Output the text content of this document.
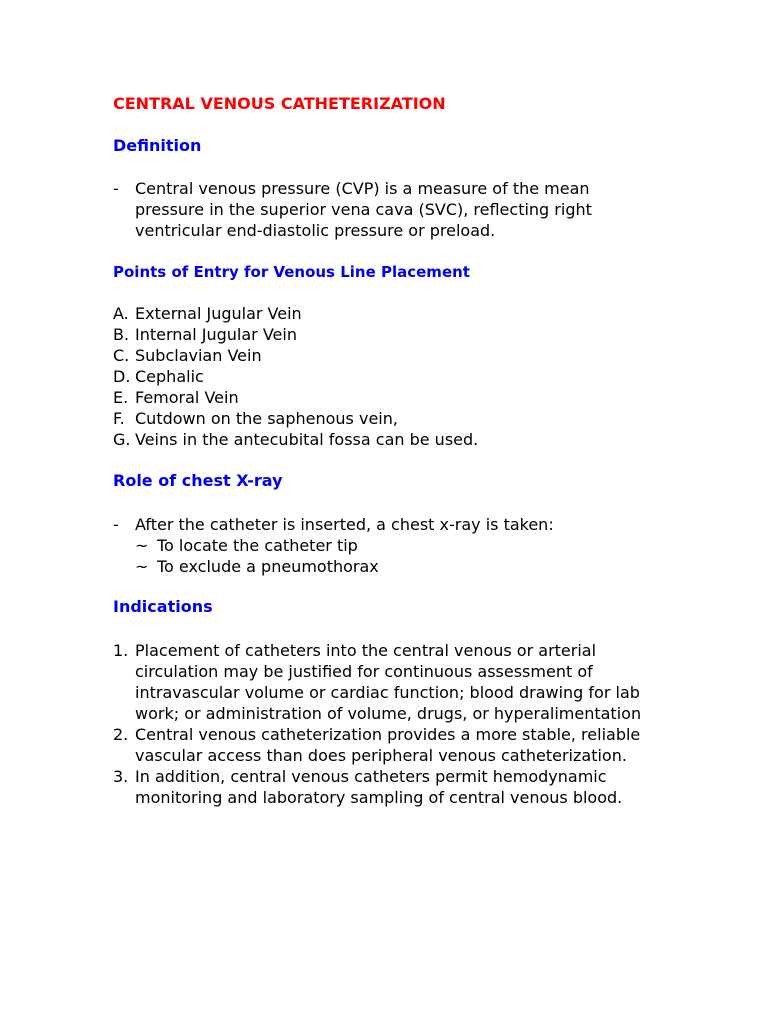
CENTRAL VENOUS CATHETERIZATION
Definition
-	Central venous pressure (CVP) is a measure of the mean pressure in the superior vena cava (SVC), reflecting right ventricular end-diastolic pressure or preload.
Points of Entry for Venous Line Placement
A. External Jugular Vein
B. Internal Jugular Vein
C. Subclavian Vein
D. Cephalic
E. Femoral Vein
F. Cutdown on the saphenous vein,
G. Veins in the antecubital fossa can be used.
Role of chest X-ray
-	After the catheter is inserted, a chest x-ray is taken:
~ To locate the catheter tip
~ To exclude a pneumothorax
Indications
1. Placement of catheters into the central venous or arterial circulation may be justified for continuous assessment of intravascular volume or cardiac function; blood drawing for lab work; or administration of volume, drugs, or hyperalimentation
2. Central venous catheterization provides a more stable, reliable vascular access than does peripheral venous catheterization.
3. In addition, central venous catheters permit hemodynamic monitoring and laboratory sampling of central venous blood.
